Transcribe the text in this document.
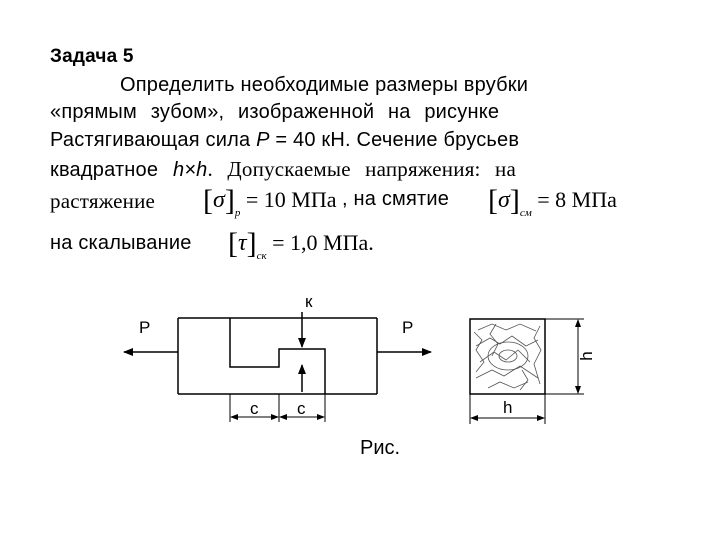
Задача 5
Определить необходимые размеры врубки
«прямым зубом», изображенной на рисунке
Растягивающая сила P = 40 кН. Сечение брусьев
квадратное h×h. Допускаемые напряжения: на
растяжение $[\sigma]_р = 10$ МПа , на смятие $[\sigma]_{см} = 8$ МПа
на скалывание $[\tau]_{ск} = 1,0$ МПа.
P	P
к
c c
h
h
Рис.
